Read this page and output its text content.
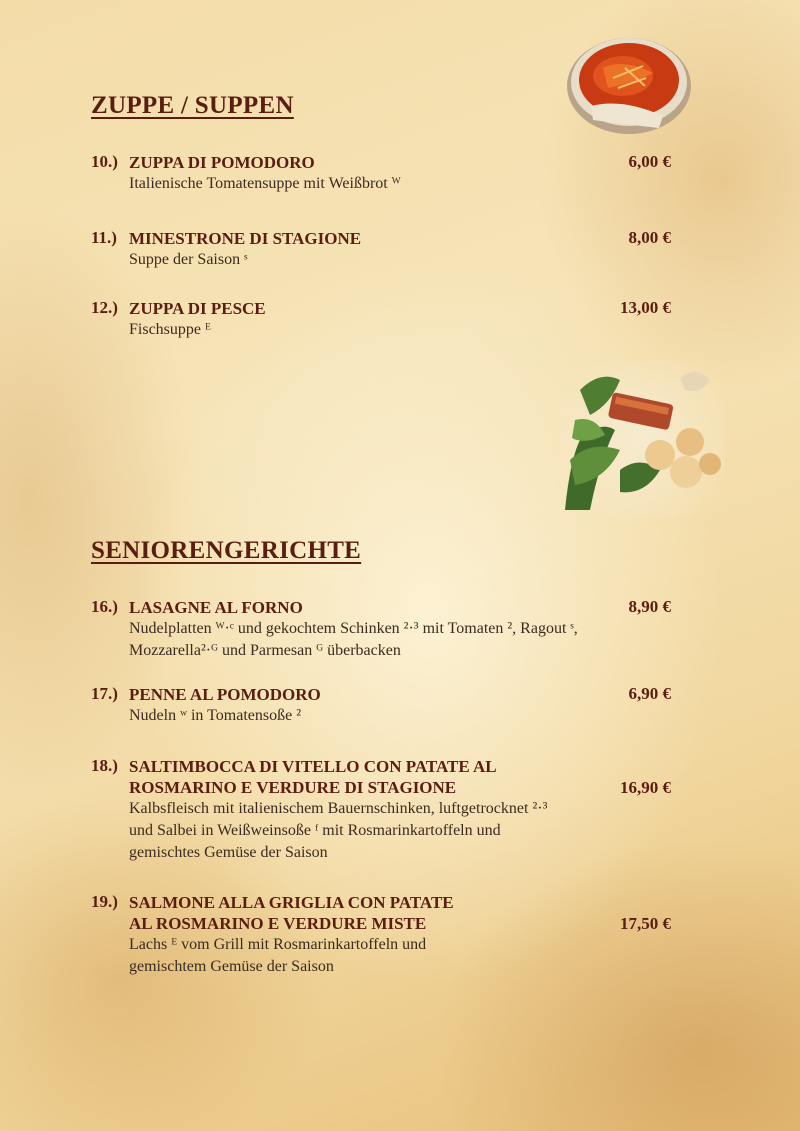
ZUPPE / SUPPEN
10.) ZUPPA DI POMODORO	6,00 €
Italienische Tomatensuppe mit Weißbrot ᵂ
11.) MINESTRONE DI STAGIONE	8,00 €
Suppe der Saison ˢ
12.) ZUPPA DI PESCE	13,00 €
Fischsuppe ᴱ
SENIORENGERICHTE
16.) LASAGNE AL FORNO	8,90 €
Nudelplatten ᵂ·ᶜ und gekochtem Schinken ²·³ mit Tomaten ², Ragout ˢ,
Mozzarella²·ᴳ und Parmesan ᴳ überbacken
17.) PENNE AL POMODORO	6,90 €
Nudeln ʷ in Tomatensoße ²
18.) SALTIMBOCCA DI VITELLO CON PATATE AL
ROSMARINO E VERDURE DI STAGIONE	16,90 €
Kalbsfleisch mit italienischem Bauernschinken, luftgetrocknet ²·³
und Salbei in Weißweinsoße ᶠ mit Rosmarinkartoffeln und
gemischtes Gemüse der Saison
19.) SALMONE ALLA GRIGLIA CON PATATE
AL ROSMARINO E VERDURE MISTE	17,50 €
Lachs ᴱ vom Grill mit Rosmarinkartoffeln und
gemischtem Gemüse der Saison
